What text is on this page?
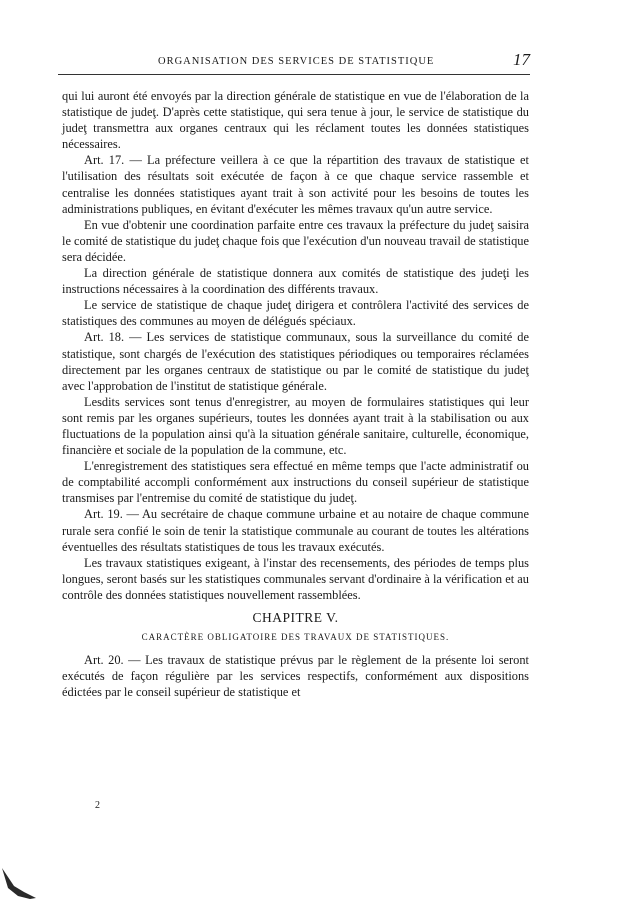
ORGANISATION DES SERVICES DE STATISTIQUE	17

qui lui auront été envoyés par la direction générale de statistique en vue de l'élaboration de la statistique de judeţ. D'après cette statistique, qui sera tenue à jour, le service de statistique du judeţ transmettra aux organes centraux qui les réclament toutes les données statistiques nécessaires.

Art. 17. — La préfecture veillera à ce que la répartition des travaux de statistique et l'utilisation des résultats soit exécutée de façon à ce que chaque service rassemble et centralise les données statistiques ayant trait à son activité pour les besoins de toutes les administrations publiques, en évitant d'exécuter les mêmes travaux qu'un autre service.

En vue d'obtenir une coordination parfaite entre ces travaux la préfecture du judeţ saisira le comité de statistique du judeţ chaque fois que l'exécution d'un nouveau travail de statistique sera décidée.

La direction générale de statistique donnera aux comités de statistique des judeţi les instructions nécessaires à la coordination des différents travaux.

Le service de statistique de chaque judeţ dirigera et contrôlera l'activité des services de statistiques des communes au moyen de délégués spéciaux.

Art. 18. — Les services de statistique communaux, sous la surveillance du comité de statistique, sont chargés de l'exécution des statistiques périodiques ou temporaires réclamées directement par les organes centraux de statistique ou par le comité de statistique du judeţ avec l'approbation de l'institut de statistique générale.

Lesdits services sont tenus d'enregistrer, au moyen de formulaires statistiques qui leur sont remis par les organes supérieurs, toutes les données ayant trait à la stabilisation ou aux fluctuations de la population ainsi qu'à la situation générale sanitaire, culturelle, économique, financière et sociale de la population de la commune, etc.

L'enregistrement des statistiques sera effectué en même temps que l'acte administratif ou de comptabilité accompli conformément aux instructions du conseil supérieur de statistique transmises par l'entremise du comité de statistique du judeţ.

Art. 19. — Au secrétaire de chaque commune urbaine et au notaire de chaque commune rurale sera confié le soin de tenir la statistique communale au courant de toutes les altérations éventuelles des résultats statistiques de tous les travaux exécutés.

Les travaux statistiques exigeant, à l'instar des recensements, des périodes de temps plus longues, seront basés sur les statistiques communales servant d'ordinaire à la vérification et au contrôle des données statistiques nouvellement rassemblées.

CHAPITRE V.
CARACTÈRE OBLIGATOIRE DES TRAVAUX DE STATISTIQUES.

Art. 20. — Les travaux de statistique prévus par le règlement de la présente loi seront exécutés de façon régulière par les services respectifs, conformément aux dispositions édictées par le conseil supérieur de statistique et

2
